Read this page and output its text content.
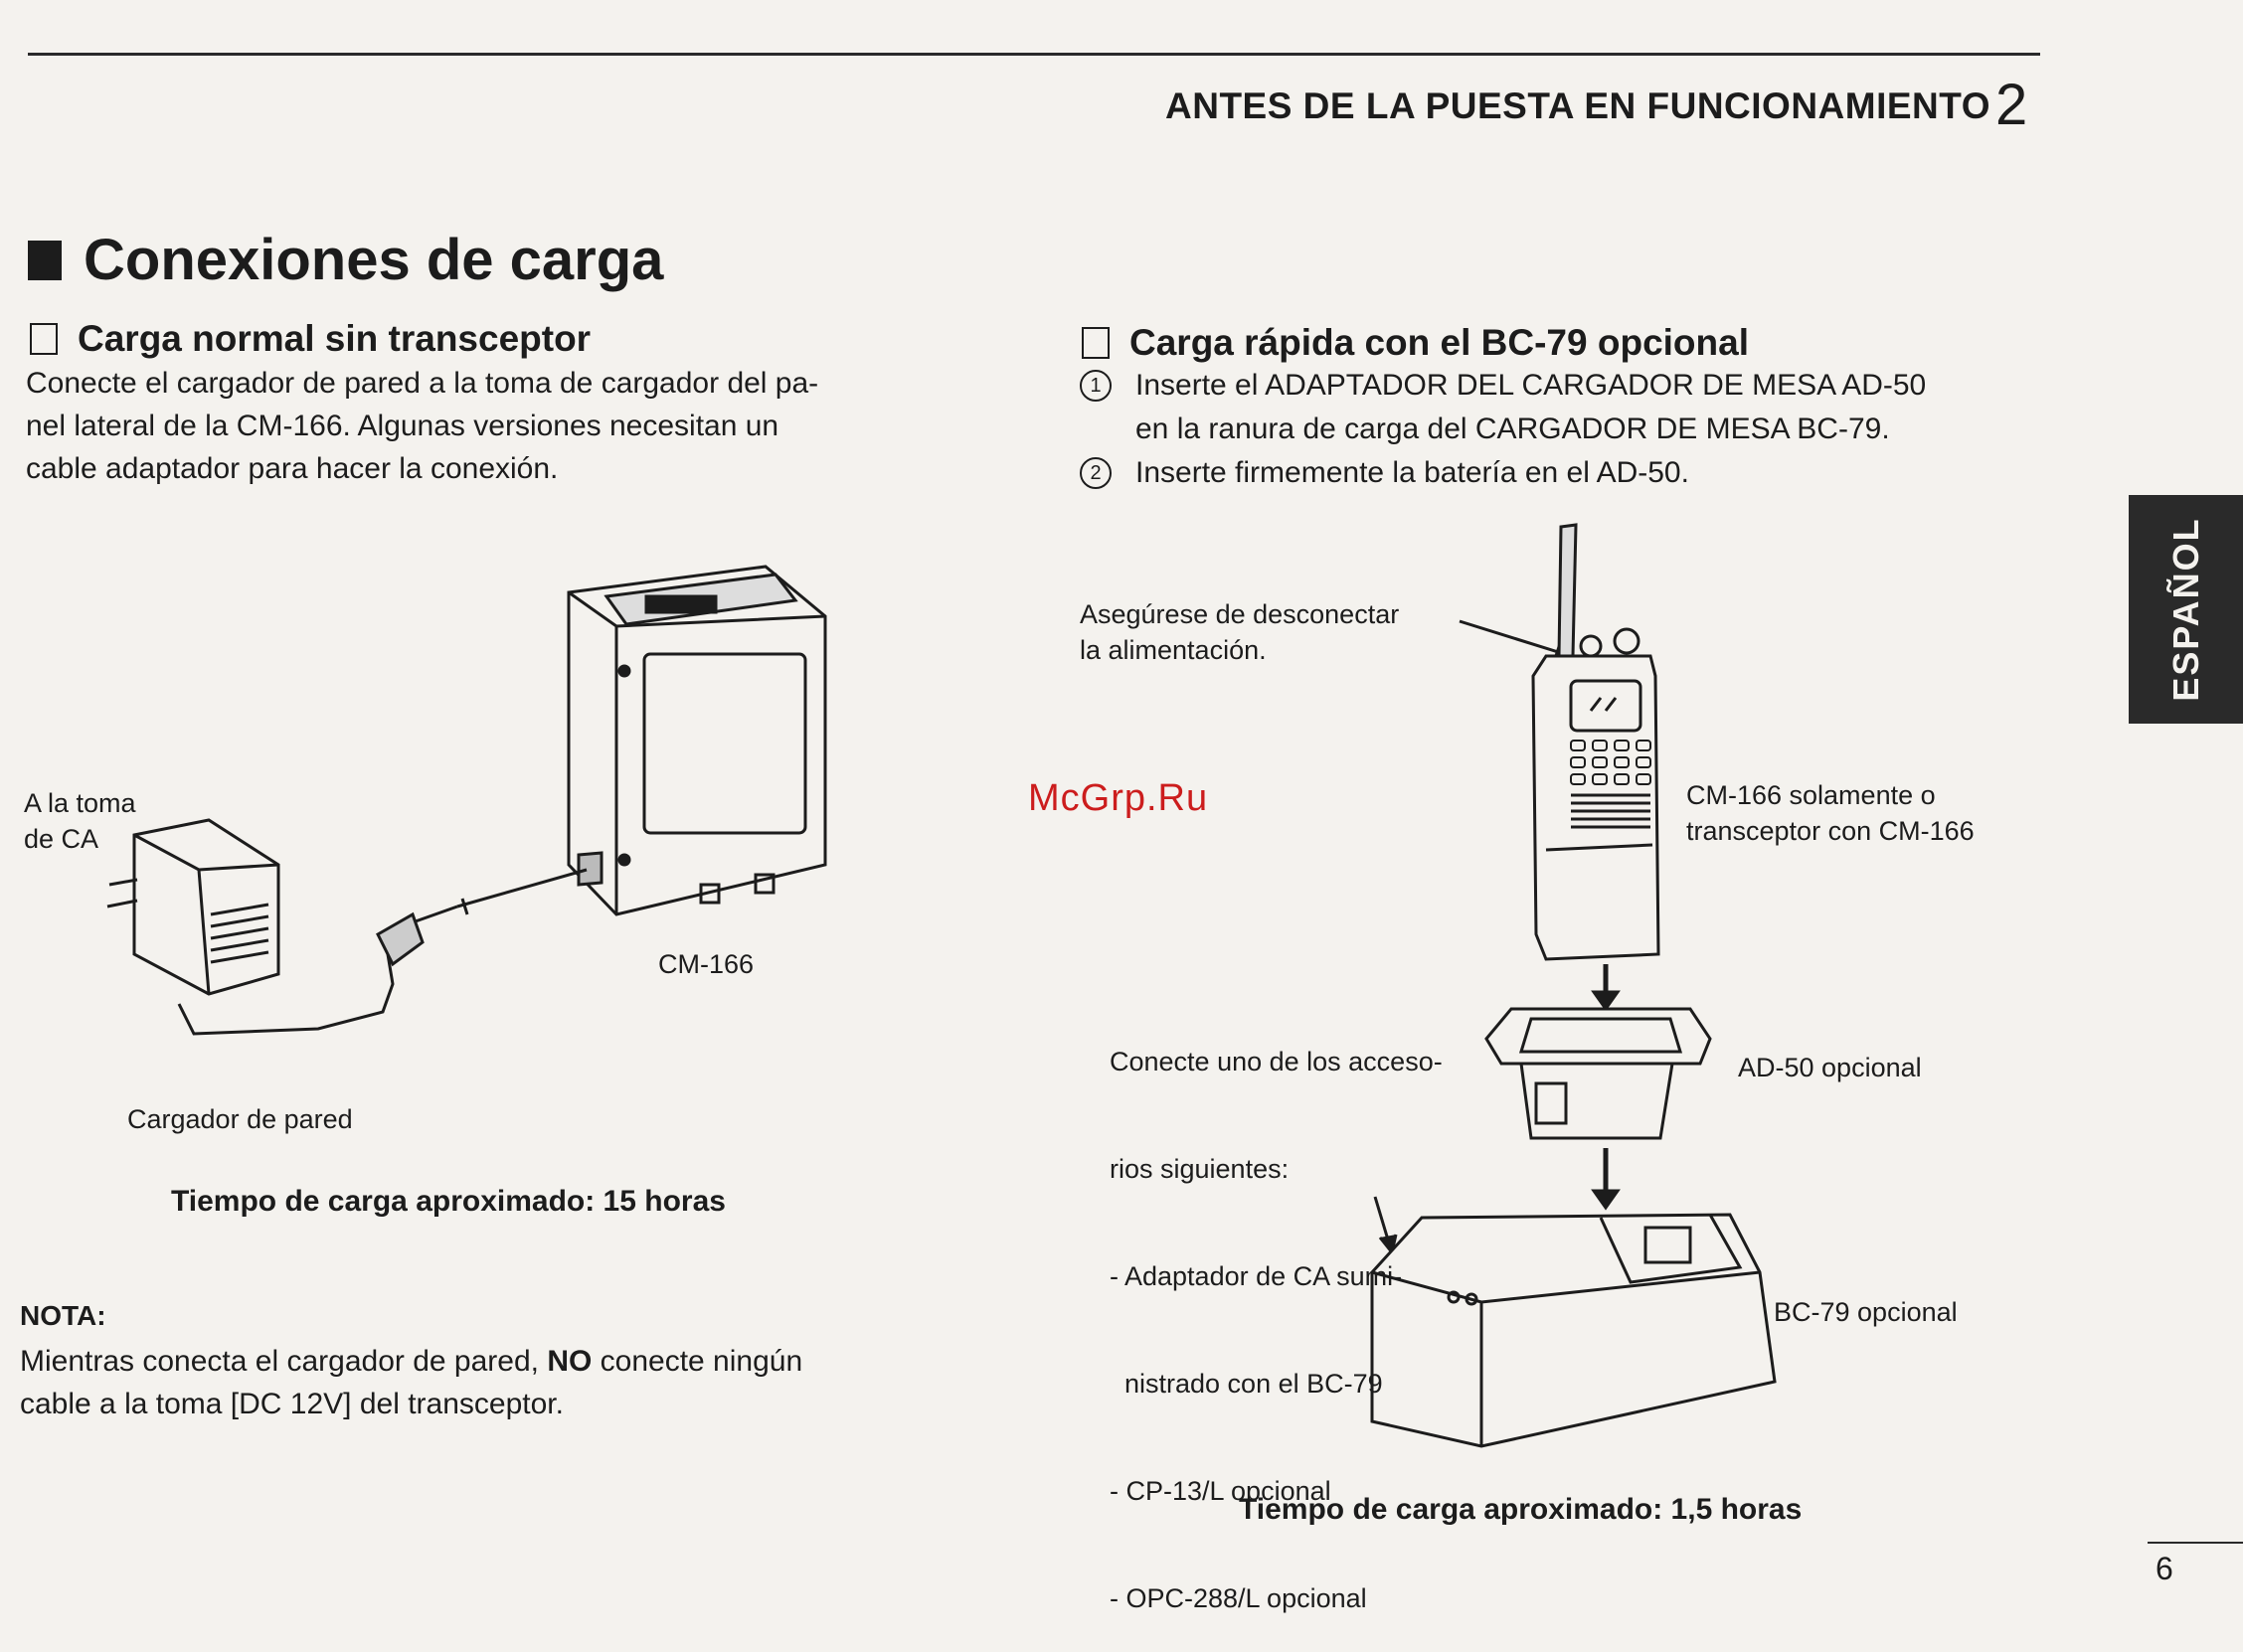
ANTES DE LA PUESTA EN FUNCIONAMIENTO 2
Conexiones de carga
Carga normal sin transceptor
Conecte el cargador de pared a la toma de cargador del pa-
nel lateral de la CM-166. Algunas versiones necesitan un
cable adaptador para hacer la conexión.
A la toma
de CA
CM-166
Cargador de pared
Tiempo de carga aproximado: 15 horas
NOTA:
Mientras conecta el cargador de pared, NO conecte ningún
cable a la toma [DC 12V] del transceptor.
Carga rápida con el BC-79 opcional
1	Inserte el ADAPTADOR DEL CARGADOR DE MESA AD-50
en la ranura de carga del CARGADOR DE MESA BC-79.
2	Inserte firmemente la batería en el AD-50.
Asegúrese de desconectar
la alimentación.
CM-166 solamente o
transceptor con CM-166

Conecte uno de los acceso-

rios siguientes:

- Adaptador de CA sumi-

nistrado con el BC-79

- CP-13/L opcional

- OPC-288/L opcional

AD-50 opcional
BC-79 opcional
Tiempo de carga aproximado: 1,5 horas
McGrp.Ru
ESPAÑOL
6
